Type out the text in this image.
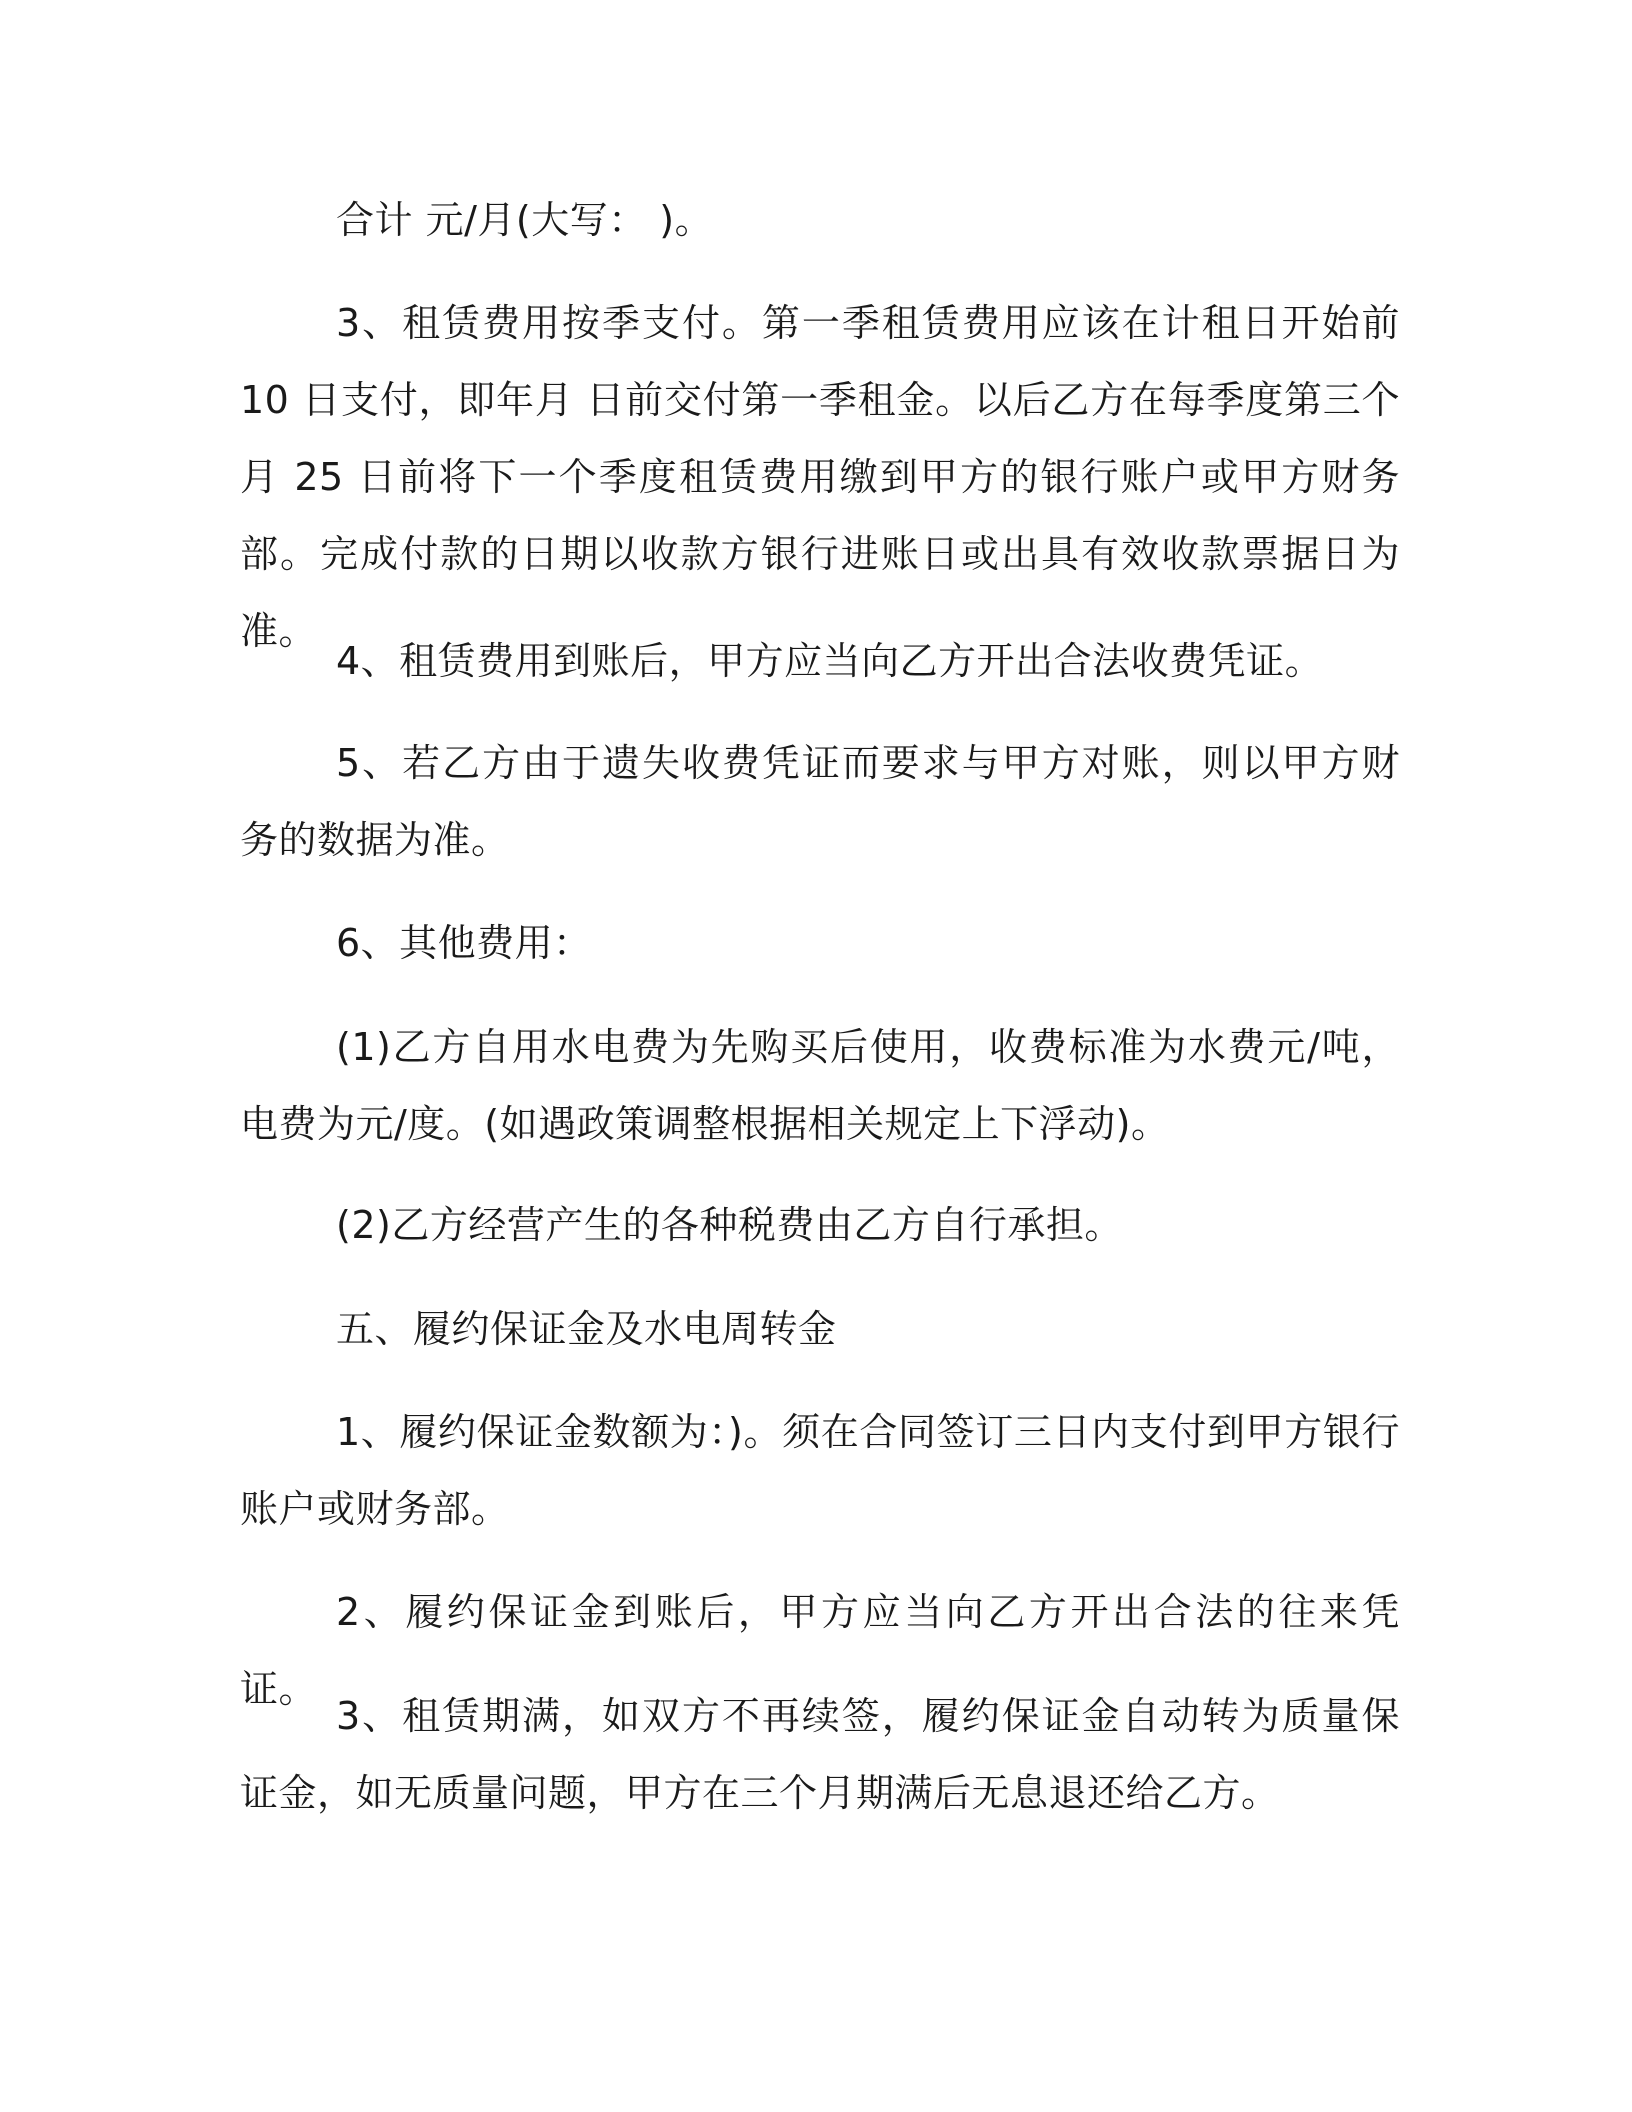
合计 元/月(大写： )。

3、租赁费用按季支付。第一季租赁费用应该在计租日开始前 10 日支付，即年月 日前交付第一季租金。以后乙方在每季度第三个月 25 日前将下一个季度租赁费用缴到甲方的银行账户或甲方财务部。完成付款的日期以收款方银行进账日或出具有效收款票据日为准。

4、租赁费用到账后，甲方应当向乙方开出合法收费凭证。

5、若乙方由于遗失收费凭证而要求与甲方对账，则以甲方财务的数据为准。

6、其他费用：

(1)乙方自用水电费为先购买后使用，收费标准为水费元/吨，电费为元/度。(如遇政策调整根据相关规定上下浮动)。

(2)乙方经营产生的各种税费由乙方自行承担。

五、履约保证金及水电周转金

1、履约保证金数额为：)。须在合同签订三日内支付到甲方银行账户或财务部。

2、履约保证金到账后，甲方应当向乙方开出合法的往来凭证。

3、租赁期满，如双方不再续签，履约保证金自动转为质量保证金，如无质量问题，甲方在三个月期满后无息退还给乙方。
